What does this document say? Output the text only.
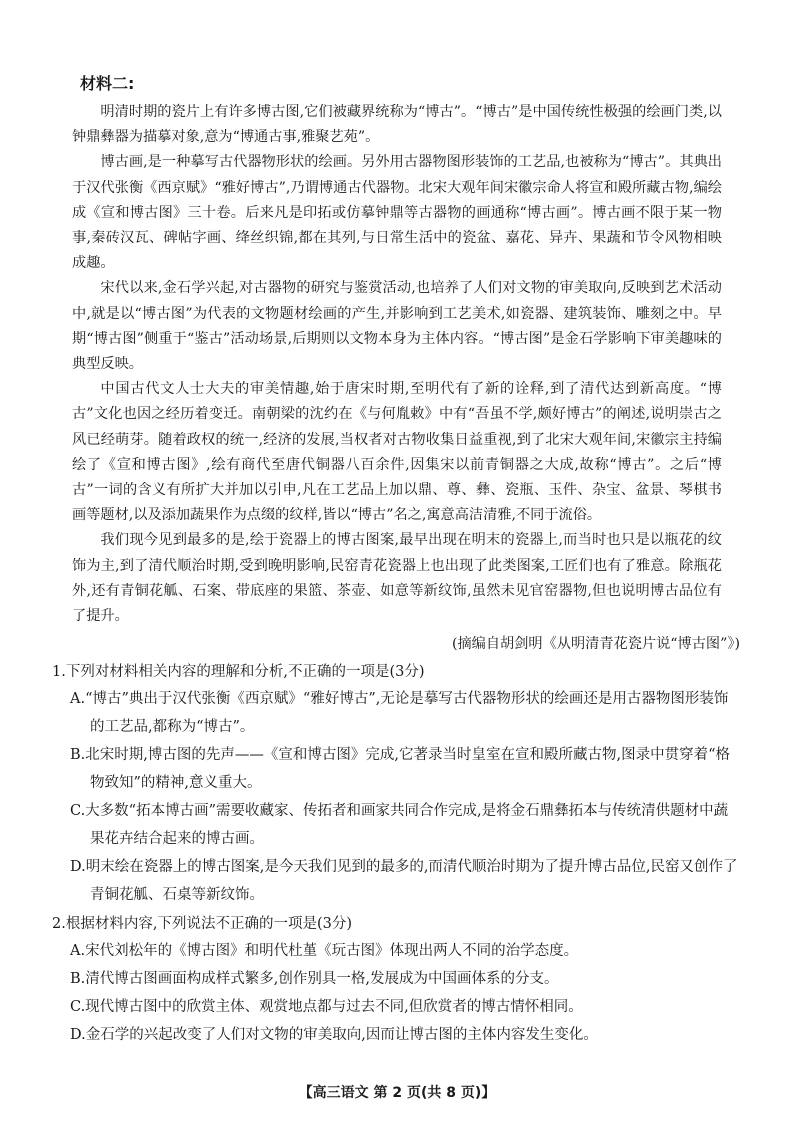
材料二:
明清时期的瓷片上有许多博古图,它们被藏界统称为“博古”。“博古”是中国传统性极强的绘画门类,以钟鼎彝器为描摹对象,意为“博通古事,雅聚艺苑”。
博古画,是一种摹写古代器物形状的绘画。另外用古器物图形装饰的工艺品,也被称为“博古”。其典出于汉代张衡《西京赋》“雅好博古”,乃谓博通古代器物。北宋大观年间宋徽宗命人将宣和殿所藏古物,编绘成《宣和博古图》三十卷。后来凡是印拓或仿摹钟鼎等古器物的画通称“博古画”。博古画不限于某一物事,秦砖汉瓦、碑帖字画、绛丝织锦,都在其列,与日常生活中的瓷盆、嘉花、异卉、果蔬和节令风物相映成趣。
宋代以来,金石学兴起,对古器物的研究与鉴赏活动,也培养了人们对文物的审美取向,反映到艺术活动中,就是以“博古图”为代表的文物题材绘画的产生,并影响到工艺美术,如瓷器、建筑装饰、雕刻之中。早期“博古图”侧重于“鉴古”活动场景,后期则以文物本身为主体内容。“博古图”是金石学影响下审美趣味的典型反映。
中国古代文人士大夫的审美情趣,始于唐宋时期,至明代有了新的诠释,到了清代达到新高度。“博古”文化也因之经历着变迁。南朝梁的沈约在《与何胤敕》中有“吾虽不学,颇好博古”的阐述,说明崇古之风已经萌芽。随着政权的统一,经济的发展,当权者对古物收集日益重视,到了北宋大观年间,宋徽宗主持编绘了《宣和博古图》,绘有商代至唐代铜器八百余件,因集宋以前青铜器之大成,故称“博古”。之后“博古”一词的含义有所扩大并加以引申,凡在工艺品上加以鼎、尊、彝、瓷瓶、玉件、杂宝、盆景、琴棋书画等题材,以及添加蔬果作为点缀的纹样,皆以“博古”名之,寓意高洁清雅,不同于流俗。
我们现今见到最多的是,绘于瓷器上的博古图案,最早出现在明末的瓷器上,而当时也只是以瓶花的纹饰为主,到了清代顺治时期,受到晚明影响,民窑青花瓷器上也出现了此类图案,工匠们也有了雅意。除瓶花外,还有青铜花觚、石案、带底座的果篮、茶壶、如意等新纹饰,虽然未见官窑器物,但也说明博古品位有了提升。
(摘编自胡剑明《从明清青花瓷片说“博古图”》)
1.下列对材料相关内容的理解和分析,不正确的一项是(3分)
A.“博古”典出于汉代张衡《西京赋》“雅好博古”,无论是摹写古代器物形状的绘画还是用古器物图形装饰的工艺品,都称为“博古”。
B.北宋时期,博古图的先声——《宣和博古图》完成,它著录当时皇室在宣和殿所藏古物,图录中贯穿着“格物致知”的精神,意义重大。
C.大多数“拓本博古画”需要收藏家、传拓者和画家共同合作完成,是将金石鼎彝拓本与传统清供题材中蔬果花卉结合起来的博古画。
D.明末绘在瓷器上的博古图案,是今天我们见到的最多的,而清代顺治时期为了提升博古品位,民窑又创作了青铜花觚、石桌等新纹饰。
2.根据材料内容,下列说法不正确的一项是(3分)
A.宋代刘松年的《博古图》和明代杜堇《玩古图》体现出两人不同的治学态度。
B.清代博古图画面构成样式繁多,创作别具一格,发展成为中国画体系的分支。
C.现代博古图中的欣赏主体、观赏地点都与过去不同,但欣赏者的博古情怀相同。
D.金石学的兴起改变了人们对文物的审美取向,因而让博古图的主体内容发生变化。
【高三语文 第 2 页(共 8 页)】
